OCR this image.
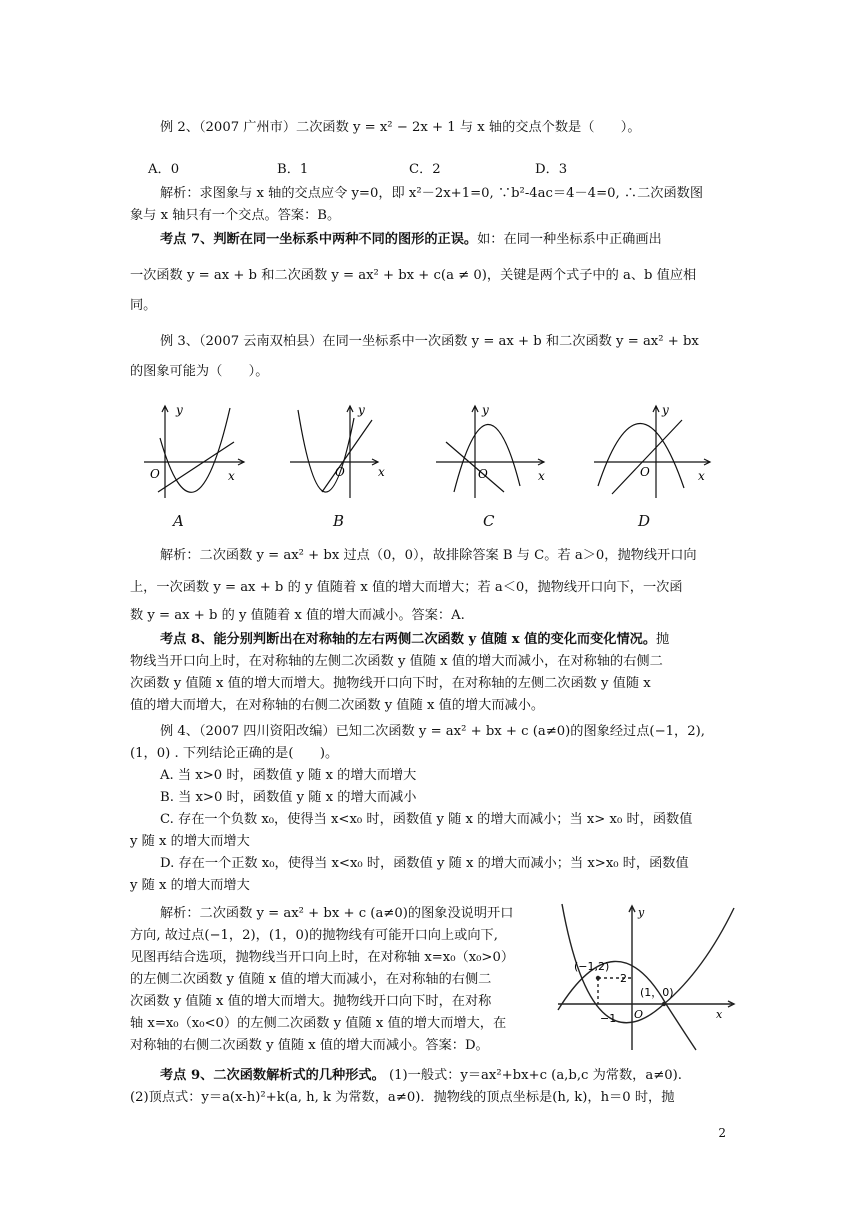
例 2、（2007 广州市）二次函数 y = x² − 2x + 1 与 x 轴的交点个数是（　　）。
A．0	B．1	C．2	D．3
解析：求图象与 x 轴的交点应令 y=0，即 x²－2x+1=0, ∵b²-4ac＝4－4=0, ∴二次函数图
象与 x 轴只有一个交点。答案：B。
考点 7、判断在同一坐标系中两种不同的图形的正误。如：在同一种坐标系中正确画出
一次函数 y = ax + b 和二次函数 y = ax² + bx + c(a ≠ 0)，关键是两个式子中的 a、b 值应相
同。
例 3、（2007 云南双柏县）在同一坐标系中一次函数 y = ax + b 和二次函数 y = ax² + bx
的图象可能为（　　）。
y
O	x
y
O	x
y
O	x
y
O	x
A	B	C	D
解析：二次函数 y = ax² + bx 过点（0，0），故排除答案 B 与 C。若 a＞0，抛物线开口向
上，一次函数 y = ax + b 的 y 值随着 x 值的增大而增大；若 a＜0，抛物线开口向下，一次函
数 y = ax + b 的 y 值随着 x 值的增大而减小。答案：A.
考点 8、能分别判断出在对称轴的左右两侧二次函数 y 值随 x 值的变化而变化情况。抛
物线当开口向上时，在对称轴的左侧二次函数 y 值随 x 值的增大而减小，在对称轴的右侧二
次函数 y 值随 x 值的增大而增大。抛物线开口向下时，在对称轴的左侧二次函数 y 值随 x
值的增大而增大，在对称轴的右侧二次函数 y 值随 x 值的增大而减小。
例 4、（2007 四川资阳改编）已知二次函数 y = ax² + bx + c (a≠0)的图象经过点(−1，2),
(1，0) . 下列结论正确的是(　　)。
A. 当 x>0 时，函数值 y 随 x 的增大而增大
B. 当 x>0 时，函数值 y 随 x 的增大而减小
C. 存在一个负数 x₀，使得当 x<x₀ 时，函数值 y 随 x 的增大而减小；当 x> x₀ 时，函数值
y 随 x 的增大而增大
D. 存在一个正数 x₀，使得当 x<x₀ 时，函数值 y 随 x 的增大而减小；当 x>x₀ 时，函数值
y 随 x 的增大而增大
解析：二次函数 y = ax² + bx + c (a≠0)的图象没说明开口
方向, 故过点(−1，2)，(1，0)的抛物线有可能开口向上或向下,
见图再结合选项，抛物线当开口向上时，在对称轴 x=x₀（x₀>0）
的左侧二次函数 y 值随 x 值的增大而减小，在对称轴的右侧二
次函数 y 值随 x 值的增大而增大。抛物线开口向下时，在对称
轴 x=x₀（x₀<0）的左侧二次函数 y 值随 x 值的增大而增大，在
对称轴的右侧二次函数 y 值随 x 值的增大而减小。答案：D。
(−1,2)
(1，0)
2
−1 O	x
y
考点 9、二次函数解析式的几种形式。 (1)一般式：y＝ax²+bx+c (a,b,c 为常数，a≠0).
(2)顶点式：y＝a(x-h)²+k(a, h, k 为常数，a≠0)．抛物线的顶点坐标是(h, k)，h＝0 时，抛
2
